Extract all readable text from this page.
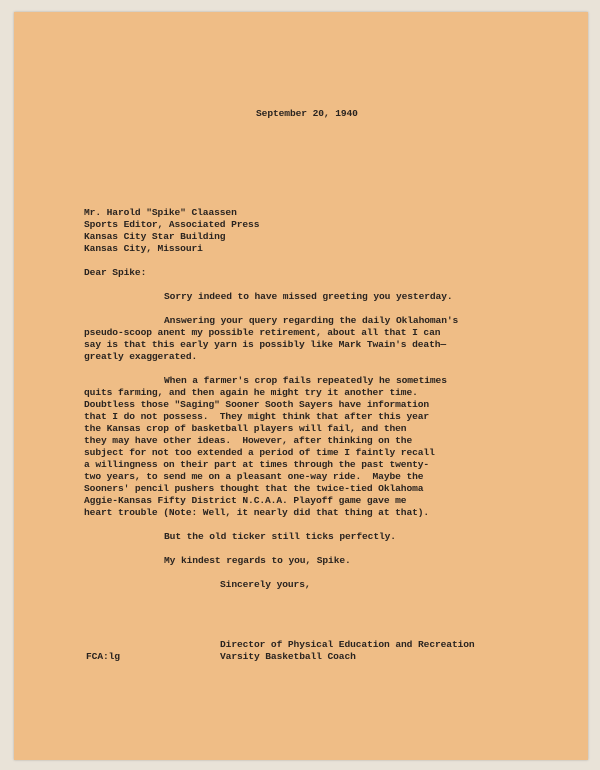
September 20, 1940
Mr. Harold "Spike" Claassen
Sports Editor, Associated Press
Kansas City Star Building
Kansas City, Missouri
Dear Spike:
Sorry indeed to have missed greeting you yesterday.
Answering your query regarding the daily Oklahoman's
pseudo-scoop anent my possible retirement, about all that I can
say is that this early yarn is possibly like Mark Twain's death—
greatly exaggerated.
When a farmer's crop fails repeatedly he sometimes
quits farming, and then again he might try it another time.
Doubtless those "Saging" Sooner Sooth Sayers have information
that I do not possess.  They might think that after this year
the Kansas crop of basketball players will fail, and then
they may have other ideas.  However, after thinking on the
subject for not too extended a period of time I faintly recall
a willingness on their part at times through the past twenty-
two years, to send me on a pleasant one-way ride.  Maybe the
Sooners' pencil pushers thought that the twice-tied Oklahoma
Aggie-Kansas Fifty District N.C.A.A. Playoff game gave me
heart trouble (Note: Well, it nearly did that thing at that).
But the old ticker still ticks perfectly.
My kindest regards to you, Spike.
Sincerely yours,
Director of Physical Education and Recreation
FCA:lg	Varsity Basketball Coach
